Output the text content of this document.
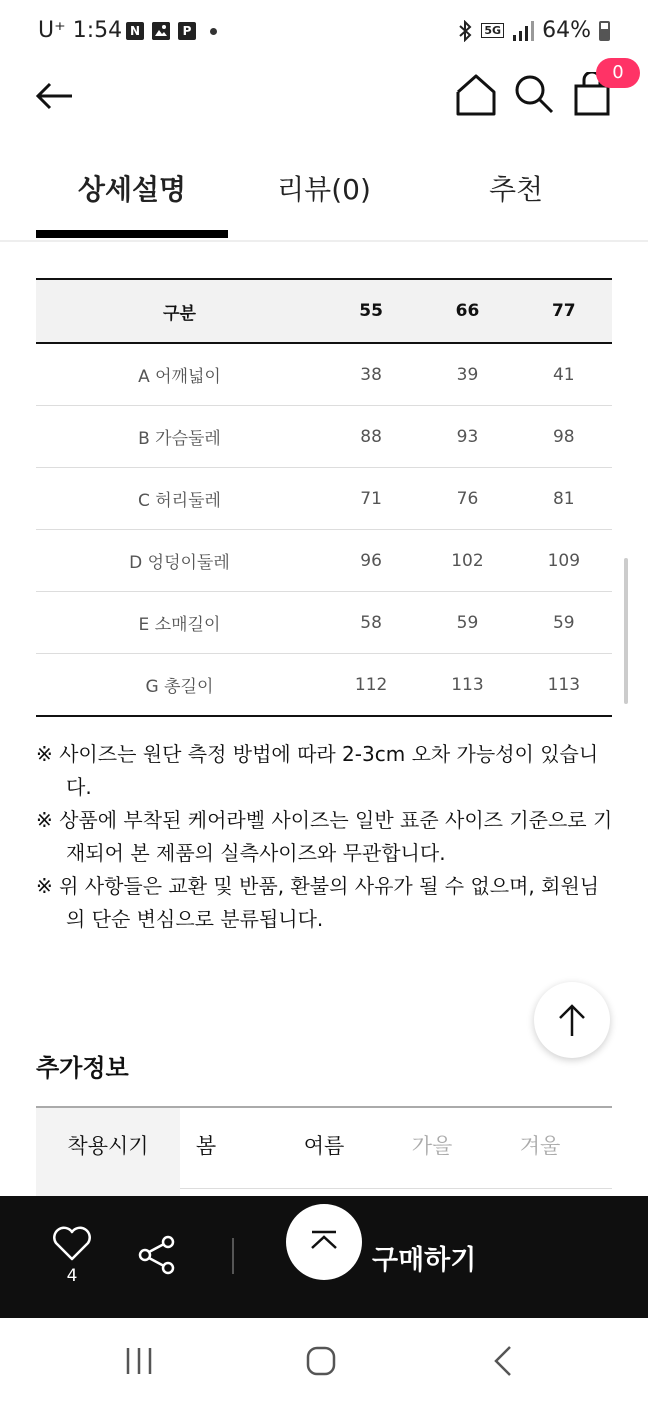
U⁺ 1:54 N	P	5G 64%
0
상세설명	리뷰(0)	추천
구분	55	66	77
A 어깨넓이	38	39	41
B 가슴둘레	88	93	98
C 허리둘레	71	76	81
D 엉덩이둘레	96	102	109
E 소매길이	58	59	59
G 총길이	112	113	113

※ 사이즈는 원단 측정 방법에 따라 2-3cm 오차 가능성이 있습니다.

※ 상품에 부착된 케어라벨 사이즈는 일반 표준 사이즈 기준으로 기재되어 본 제품의 실측사이즈와 무관합니다.

※ 위 사항들은 교환 및 반품, 환불의 사유가 될 수 없으며, 회원님의 단순 변심으로 분류됩니다.

추가정보
착용시기	봄	여름	가을	겨울
4	구매하기
